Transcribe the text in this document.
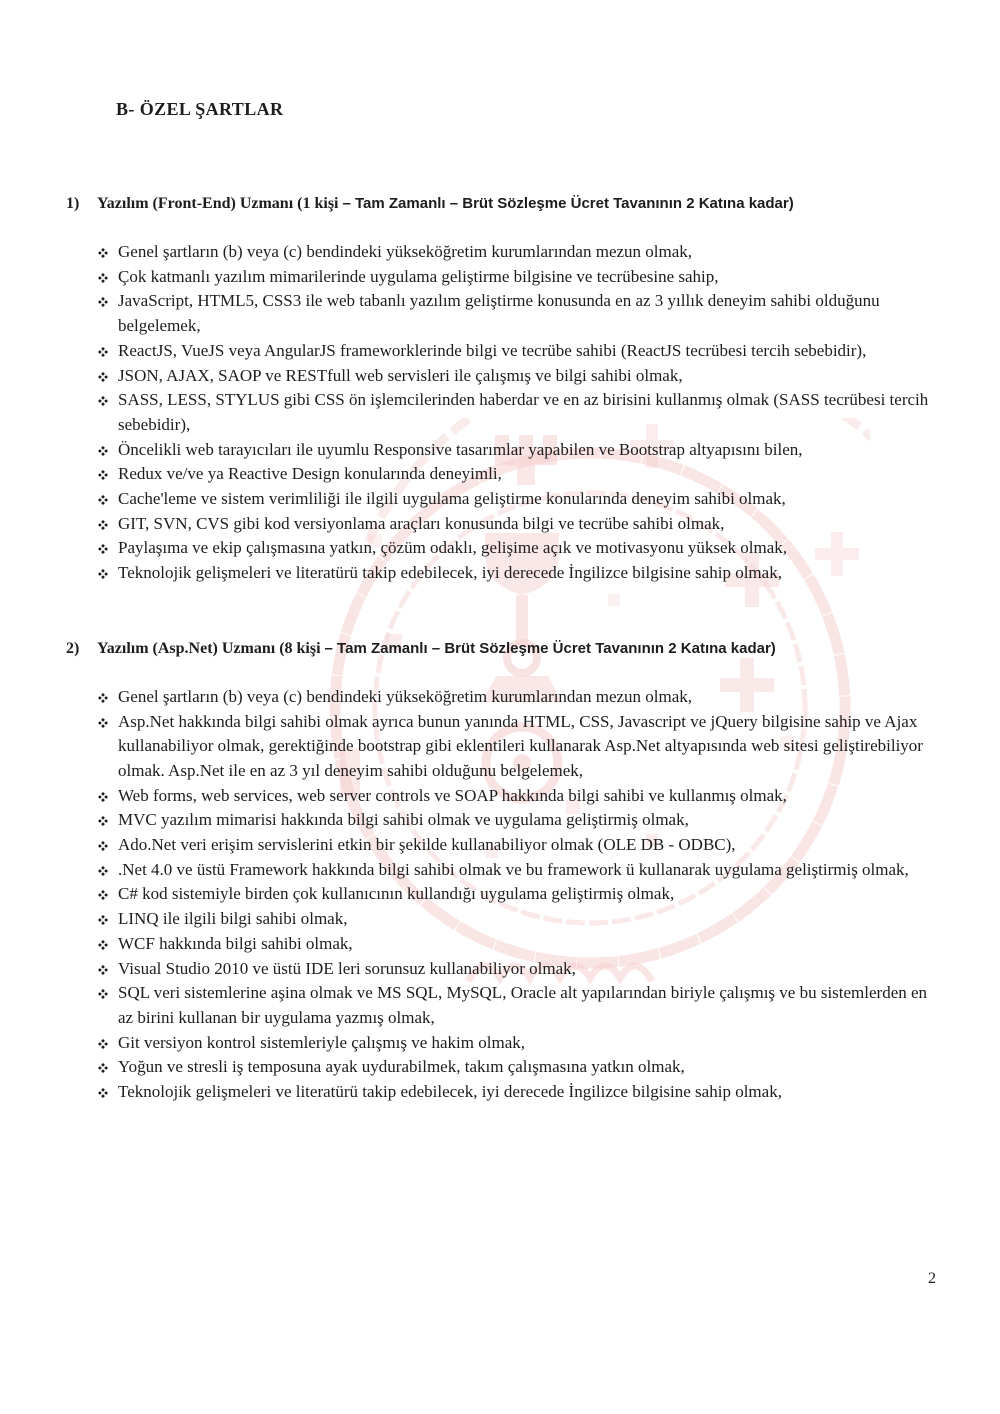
B- ÖZEL ŞARTLAR
1)	Yazılım (Front-End) Uzmanı (1 kişi – Tam Zamanlı – Brüt Sözleşme Ücret Tavanının 2 Katına kadar)
Genel şartların (b) veya (c) bendindeki yükseköğretim kurumlarından mezun olmak,
Çok katmanlı yazılım mimarilerinde uygulama geliştirme bilgisine ve tecrübesine sahip,
JavaScript, HTML5, CSS3 ile web tabanlı yazılım geliştirme konusunda en az 3 yıllık deneyim sahibi olduğunu belgelemek,
ReactJS, VueJS veya AngularJS frameworklerinde bilgi ve tecrübe sahibi (ReactJS tecrübesi tercih sebebidir),
JSON, AJAX, SAOP ve RESTfull web servisleri ile çalışmış ve bilgi sahibi olmak,
SASS, LESS, STYLUS gibi CSS ön işlemcilerinden haberdar ve en az birisini kullanmış olmak (SASS tecrübesi tercih sebebidir),
Öncelikli web tarayıcıları ile uyumlu Responsive tasarımlar yapabilen ve Bootstrap altyapısını bilen,
Redux ve/ve ya Reactive Design konularında deneyimli,
Cache'leme ve sistem verimliliği ile ilgili uygulama geliştirme konularında deneyim sahibi olmak,
GIT, SVN, CVS gibi kod versiyonlama araçları konusunda bilgi ve tecrübe sahibi olmak,
Paylaşıma ve ekip çalışmasına yatkın, çözüm odaklı, gelişime açık ve motivasyonu yüksek olmak,
Teknolojik gelişmeleri ve literatürü takip edebilecek, iyi derecede İngilizce bilgisine sahip olmak,
2)	Yazılım (Asp.Net) Uzmanı (8 kişi – Tam Zamanlı – Brüt Sözleşme Ücret Tavanının 2 Katına kadar)
Genel şartların (b) veya (c) bendindeki yükseköğretim kurumlarından mezun olmak,
Asp.Net hakkında bilgi sahibi olmak ayrıca bunun yanında HTML, CSS, Javascript ve jQuery bilgisine sahip ve Ajax kullanabiliyor olmak, gerektiğinde bootstrap gibi eklentileri kullanarak Asp.Net altyapısında web sitesi geliştirebiliyor olmak. Asp.Net ile en az 3 yıl deneyim sahibi olduğunu belgelemek,
Web forms, web services, web server controls ve SOAP hakkında bilgi sahibi ve kullanmış olmak,
MVC yazılım mimarisi hakkında bilgi sahibi olmak ve uygulama geliştirmiş olmak,
Ado.Net veri erişim servislerini etkin bir şekilde kullanabiliyor olmak (OLE DB - ODBC),
.Net 4.0 ve üstü Framework hakkında bilgi sahibi olmak ve bu framework ü kullanarak uygulama geliştirmiş olmak,
C# kod sistemiyle birden çok kullanıcının kullandığı uygulama geliştirmiş olmak,
LINQ ile ilgili bilgi sahibi olmak,
WCF hakkında bilgi sahibi olmak,
Visual Studio 2010 ve üstü IDE leri sorunsuz kullanabiliyor olmak,
SQL veri sistemlerine aşina olmak ve MS SQL, MySQL, Oracle alt yapılarından biriyle çalışmış ve bu sistemlerden en az birini kullanan bir uygulama yazmış olmak,
Git versiyon kontrol sistemleriyle çalışmış ve hakim olmak,
Yoğun ve stresli iş temposuna ayak uydurabilmek, takım çalışmasına yatkın olmak,
Teknolojik gelişmeleri ve literatürü takip edebilecek, iyi derecede İngilizce bilgisine sahip olmak,
2
